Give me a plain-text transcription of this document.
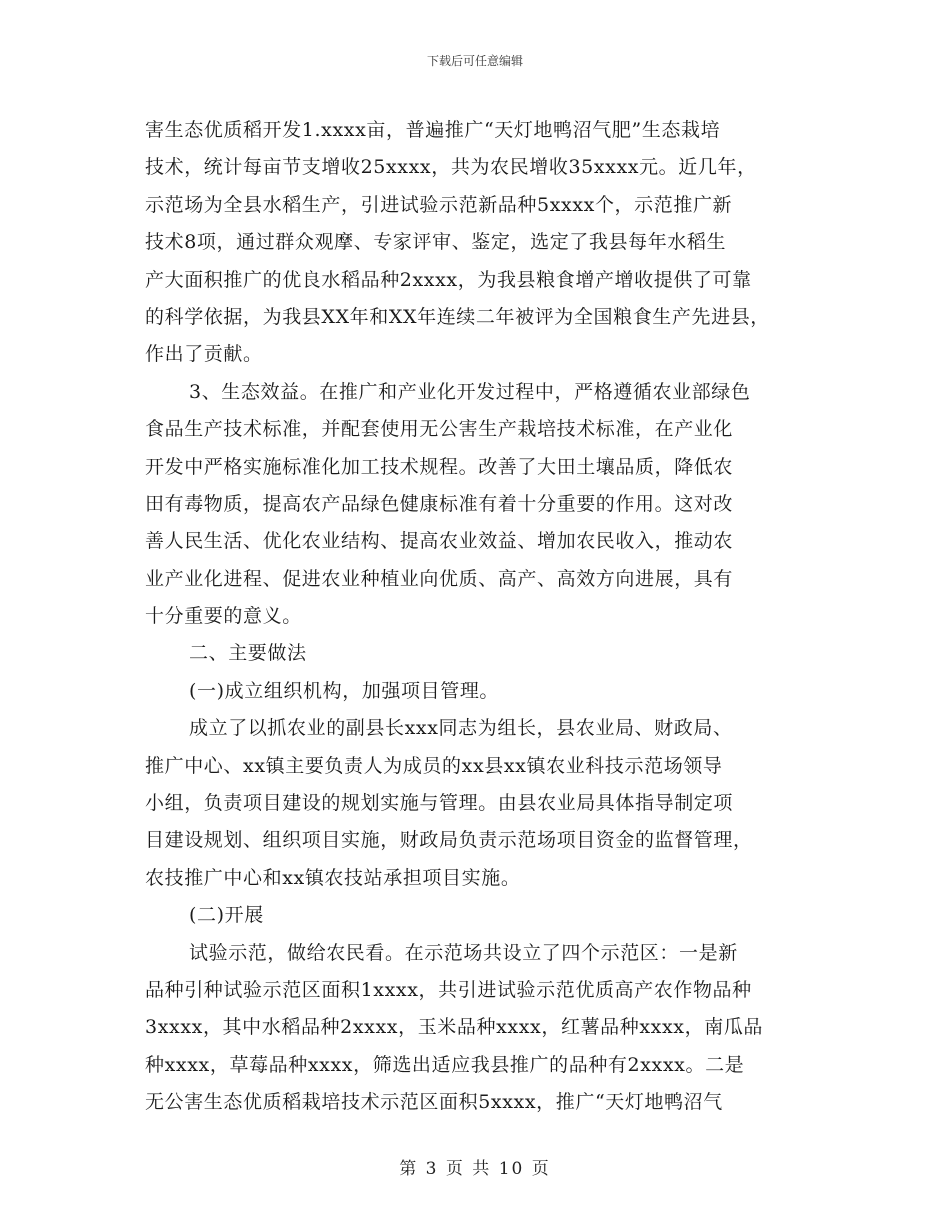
下载后可任意编辑
害生态优质稻开发1.xxxx亩，普遍推广“天灯地鸭沼气肥”生态栽培
技术，统计每亩节支增收25xxxx，共为农民增收35xxxx元。近几年，
示范场为全县水稻生产，引进试验示范新品种5xxxx个，示范推广新
技术8项，通过群众观摩、专家评审、鉴定，选定了我县每年水稻生
产大面积推广的优良水稻品种2xxxx，为我县粮食增产增收提供了可靠
的科学依据，为我县XX年和XX年连续二年被评为全国粮食生产先进县，
作出了贡献。
3、生态效益。在推广和产业化开发过程中，严格遵循农业部绿色
食品生产技术标准，并配套使用无公害生产栽培技术标准，在产业化
开发中严格实施标准化加工技术规程。改善了大田土壤品质，降低农
田有毒物质，提高农产品绿色健康标准有着十分重要的作用。这对改
善人民生活、优化农业结构、提高农业效益、增加农民收入，推动农
业产业化进程、促进农业种植业向优质、高产、高效方向进展，具有
十分重要的意义。
二、主要做法
(一)成立组织机构，加强项目管理。
成立了以抓农业的副县长xxx同志为组长，县农业局、财政局、
推广中心、xx镇主要负责人为成员的xx县xx镇农业科技示范场领导
小组，负责项目建设的规划实施与管理。由县农业局具体指导制定项
目建设规划、组织项目实施，财政局负责示范场项目资金的监督管理，
农技推广中心和xx镇农技站承担项目实施。
(二)开展
试验示范，做给农民看。在示范场共设立了四个示范区：一是新
品种引种试验示范区面积1xxxx，共引进试验示范优质高产农作物品种
3xxxx，其中水稻品种2xxxx，玉米品种xxxx，红薯品种xxxx，南瓜品
种xxxx，草莓品种xxxx，筛选出适应我县推广的品种有2xxxx。二是
无公害生态优质稻栽培技术示范区面积5xxxx，推广“天灯地鸭沼气
第 3 页 共 10 页
